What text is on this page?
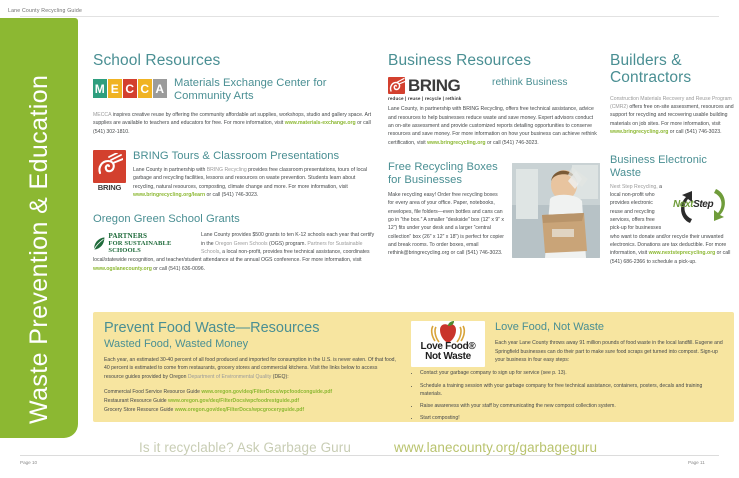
Lane County Recycling Guide
Waste Prevention & Education
School Resources
M E C C A Materials Exchange Center for Community Arts

MECCA inspires creative reuse by offering the community affordable art supplies, workshops, studio and gallery space. Art supplies are available to teachers and educators for free. For more information, visit www.materials-exchange.org or call (541) 302-1810.

BRING
BRING Tours & Classroom Presentations

Lane County in partnership with BRING Recycling provides free classroom presentations, tours of local garbage and recycling facilities, lessons and resources on waste prevention. Students learn about recycling, natural resources, composting, climate change and more. For more information, visit www.bringrecycling.org/learn or call (541) 746-3023.

Oregon Green School Grants
PARTNERS
FOR SUSTAINABLE SCHOOLS

Lane County provides $500 grants to ten K-12 schools each year that certify in the Oregon Green Schools (OGS) program. Partners for Sustainable Schools, a local non-profit, provides free technical assistance, coordinates local/statewide recognition, and teacher/student attendance at the annual OGS conference. For more information, visit www.ogslanecounty.org or call (541) 636-0096.

Business Resources
BRING
reduce | reuse | recycle | rethink
rethink Business

Lane County, in partnership with BRING Recycling, offers free technical assistance, advice and resources to help businesses reduce waste and save money. Expert advisors conduct an on-site assessment and provide customized reports detailing opportunities to conserve resources and save money. For more information on how your business can achieve rethink certification, visit www.bringrecycling.org or call (541) 746-3023.

Free Recycling Boxes for Businesses

Make recycling easy! Order free recycling boxes for every area of your office. Paper, notebooks, envelopes, file folders—even bottles and cans can go in “the box.” A smaller “deskside” box (12” x 9” x 12”) fits under your desk and a larger “central collection” box (26” x 12” x 18”) is perfect for copier and break rooms. To order boxes, email rethink@bringrecycling.org or call (541) 746-3023.

Builders & Contractors

Construction Materials Recovery and Reuse Program (CMR2) offers free on-site assessment, resources and support for recycling and recovering usable building materials on job sites. For more information, visit www.bringrecycling.org or call (541) 746-3023.

Business Electronic Waste
NextStep

Next Step Recycling, a local non-profit who provides electronic reuse and recycling services, offers free pick-up for businesses who want to donate and/or recycle their unwanted electronics. Donations are tax deductible. For more information, visit www.nextsteprecycling.org or call (541) 686-2366 to schedule a pick-up.

Prevent Food Waste—Resources
Wasted Food, Wasted Money

Each year, an estimated 30-40 percent of all food produced and imported for consumption in the U.S. is never eaten. Of that food, 40 percent is estimated to come from restaurants, grocery stores and commercial kitchens. Visit the links below to access resource guides provided by Oregon Department of Environmental Quality (DEQ):

Commercial Food Service Resource Guide www.oregon.gov/deq/FilterDocs/wpcfoodconguide.pdf
Restaurant Resource Guide www.oregon.gov/deq/FilterDocs/wpcfoodrestguide.pdf
Grocery Store Resource Guide www.oregon.gov/deq/FilterDocs/wpcgroceryguide.pdf
Love Food®
Not Waste
Love Food, Not Waste

Each year Lane County throws away 91 million pounds of food waste in the local landfill. Eugene and Springfield businesses can do their part to make sure food scraps get turned into compost. Sign-up your business in four easy steps:

• Contact your garbage company to sign up for service (see p. 13).
• Schedule a training session with your garbage company for free technical assistance, containers, posters, decals and training materials.
• Raise awareness with your staff by communicating the new compost collection system.
• Start composting!
Is it recyclable? Ask Garbage Guru	www.lanecounty.org/garbageguru
Page 10	Page 11
